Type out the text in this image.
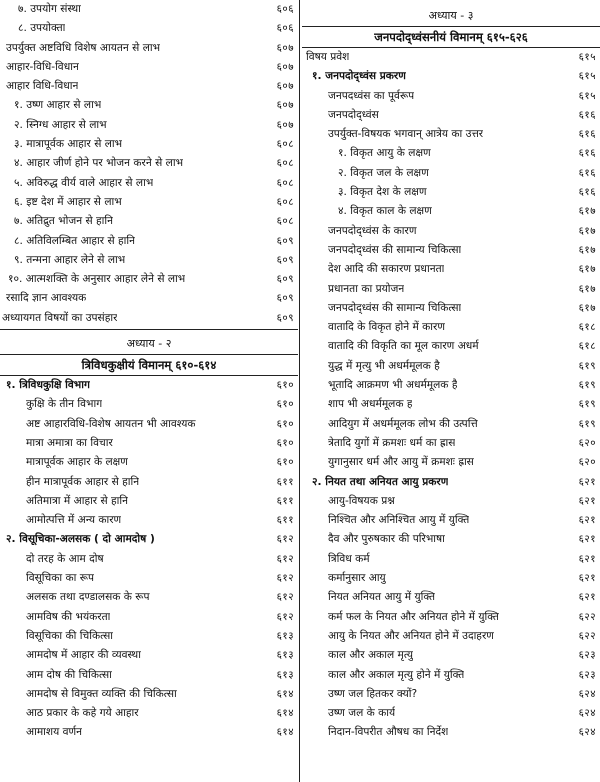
७. उपयोग संस्था	६०६
८. उपयोक्ता	६०६
उपर्युक्त अष्टविधि विशेष आयतन से लाभ	६०७
आहार-विधि-विधान	६०७
आहार विधि-विधान	६०७
१. उष्ण आहार से लाभ	६०७
२. स्निग्ध आहार से लाभ	६०७
३. मात्रापूर्वक आहार से लाभ	६०८
४. आहार जीर्ण होने पर भोजन करने से लाभ	६०८
५. अविरुद्ध वीर्य वाले आहार से लाभ	६०८
६. इष्ट देश में आहार से लाभ	६०८
७. अतिद्रुत भोजन से हानि	६०८
८. अतिविलम्बित आहार से हानि	६०९
९. तन्मना आहार लेने से लाभ	६०९
१०. आत्मशक्ति के अनुसार आहार लेने से लाभ	६०९
रसादि ज्ञान आवश्यक	६०९
अध्यायगत विषयों का उपसंहार	६०९
अध्याय - २
त्रिविधकुक्षीयं विमानम् ६१०-६१४
१. त्रिविधकुक्षि विभाग	६१०
कुक्षि के तीन विभाग	६१०
अष्ट आहारविधि-विशेष आयतन भी आवश्यक	६१०
मात्रा अमात्रा का विचार	६१०
मात्रापूर्वक आहार के लक्षण	६१०
हीन मात्रापूर्वक आहार से हानि	६११
अतिमात्रा में आहार से हानि	६११
आमोत्पत्ति में अन्य कारण	६११
२. विसूचिका-अलसक ( दो आमदोष )	६१२
दो तरह के आम दोष	६१२
विसूचिका का रूप	६१२
अलसक तथा दण्डालसक के रूप	६१२
आमविष की भयंकरता	६१२
विसूचिका की चिकित्सा	६१३
आमदोष में आहार की व्यवस्था	६१३
आम दोष की चिकित्सा	६१३
आमदोष से विमुक्त व्यक्ति की चिकित्सा	६१४
आठ प्रकार के कहे गये आहार	६१४
आमाशय वर्णन	६१४
अध्याय - ३
जनपदोद्ध्वंसनीयं विमानम् ६१५-६२६
विषय प्रवेश	६१५
१. जनपदोद्ध्वंस प्रकरण	६१५
जनपदध्वंस का पूर्वरूप	६१५
जनपदोद्ध्वंस	६१६
उपर्युक्त-विषयक भगवान् आत्रेय का उत्तर	६१६
१. विकृत आयु के लक्षण	६१६
२. विकृत जल के लक्षण	६१६
३. विकृत देश के लक्षण	६१६
४. विकृत काल के लक्षण	६१७
जनपदोद्ध्वंस के कारण	६१७
जनपदोद्ध्वंस की सामान्य चिकित्सा	६१७
देश आदि की सकारण प्रधानता	६१७
प्रधानता का प्रयोजन	६१७
जनपदोद्ध्वंस की सामान्य चिकित्सा	६१७
वातादि के विकृत होने में कारण	६१८
वातादि की विकृति का मूल कारण अधर्म	६१८
युद्ध में मृत्यु भी अधर्ममूलक है	६१९
भूतादि आक्रमण भी अधर्ममूलक है	६१९
शाप भी अधर्ममूलक ह	६१९
आदियुग में अधर्ममूलक लोभ की उत्पत्ति	६१९
त्रेतादि युगों में क्रमशः धर्म का ह्रास	६२०
युगानुसार धर्म और आयु में क्रमशः ह्रास	६२०
२. नियत तथा अनियत आयु प्रकरण	६२१
आयु-विषयक प्रश्न	६२१
निश्चित और अनिश्चित आयु में युक्ति	६२१
दैव और पुरुषकार की परिभाषा	६२१
त्रिविध कर्म	६२१
कर्मानुसार आयु	६२१
नियत अनियत आयु में युक्ति	६२१
कर्म फल के नियत और अनियत होने में युक्ति	६२२
आयु के नियत और अनियत होने में उदाहरण	६२२
काल और अकाल मृत्यु	६२३
काल और अकाल मृत्यु होने में युक्ति	६२३
उष्ण जल हितकर क्यों?	६२४
उष्ण जल के कार्य	६२४
निदान-विपरीत औषध का निर्देश	६२४
